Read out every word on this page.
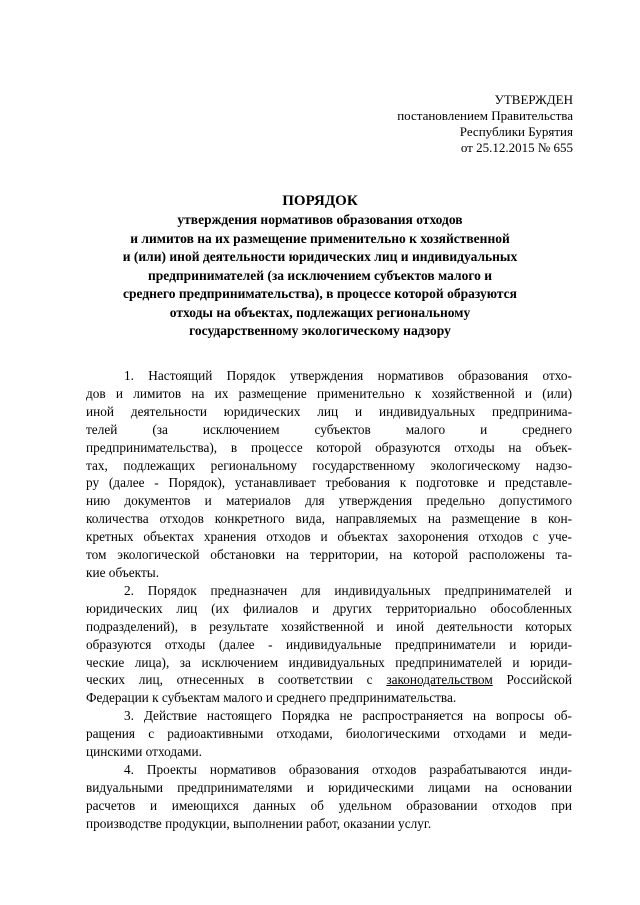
УТВЕРЖДЕН
постановлением Правительства
Республики Бурятия
от 25.12.2015 № 655
ПОРЯДОК
утверждения нормативов образования отходов
и лимитов на их размещение применительно к хозяйственной
и (или) иной деятельности юридических лиц и индивидуальных
предпринимателей (за исключением субъектов малого и
среднего предпринимательства), в процессе которой образуются
отходы на объектах, подлежащих региональному
государственному экологическому надзору
1. Настоящий Порядок утверждения нормативов образования отхо-
дов и лимитов на их размещение применительно к хозяйственной и (или)
иной деятельности юридических лиц и индивидуальных предпринима-
телей      (за      исключением      субъектов      малого      и      среднего
предпринимательства), в процессе которой образуются отходы на объек-
тах, подлежащих региональному государственному экологическому надзо-
ру (далее - Порядок), устанавливает требования к подготовке и представле-
нию документов и материалов для утверждения предельно допустимого
количества отходов конкретного вида, направляемых на размещение в кон-
кретных объектах хранения отходов и объектах захоронения отходов с уче-
том экологической обстановки на территории, на которой расположены та-
кие объекты.
2. Порядок предназначен для индивидуальных предпринимателей и
юридических лиц (их филиалов и других территориально обособленных
подразделений), в результате хозяйственной и иной деятельности которых
образуются отходы (далее - индивидуальные предприниматели и юриди-
ческие лица), за исключением индивидуальных предпринимателей и юриди-
ческих лиц, отнесенных в соответствии с законодательством Российской
Федерации к субъектам малого и среднего предпринимательства.
3. Действие настоящего Порядка не распространяется на вопросы об-
ращения с радиоактивными отходами, биологическими отходами и меди-
цинскими отходами.
4. Проекты нормативов образования отходов разрабатываются инди-
видуальными предпринимателями и юридическими лицами на основании
расчетов и имеющихся данных об удельном образовании отходов при
производстве продукции, выполнении работ, оказании услуг.
